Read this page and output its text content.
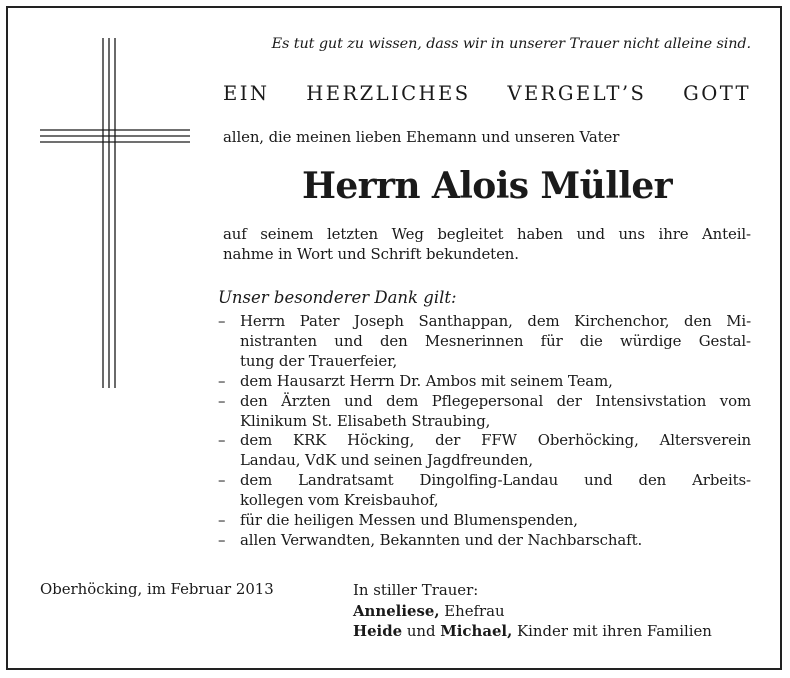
Es tut gut zu wissen, dass wir in unserer Trauer nicht alleine sind.
EIN HERZLICHES VERGELT’S GOTT
allen, die meinen lieben Ehemann und unseren Vater
Herrn Alois Müller
auf seinem letzten Weg begleitet haben und uns ihre Anteil-
nahme in Wort und Schrift bekundeten.
Unser besonderer Dank gilt:
– Herrn Pater Joseph Santhappan, dem Kirchenchor, den Mi-
nistranten und den Mesnerinnen für die würdige Gestal-
tung der Trauerfeier,
– dem Hausarzt Herrn Dr. Ambos mit seinem Team,
– den Ärzten und dem Pflegepersonal der Intensivstation vom
Klinikum St. Elisabeth Straubing,
– dem KRK Höcking, der FFW Oberhöcking, Altersverein
Landau, VdK und seinen Jagdfreunden,
– dem Landratsamt Dingolfing-Landau und den Arbeits-
kollegen vom Kreisbauhof,
– für die heiligen Messen und Blumenspenden,
– allen Verwandten, Bekannten und der Nachbarschaft.
Oberhöcking, im Februar 2013	In stiller Trauer:
Anneliese, Ehefrau
Heide und Michael, Kinder mit ihren Familien
